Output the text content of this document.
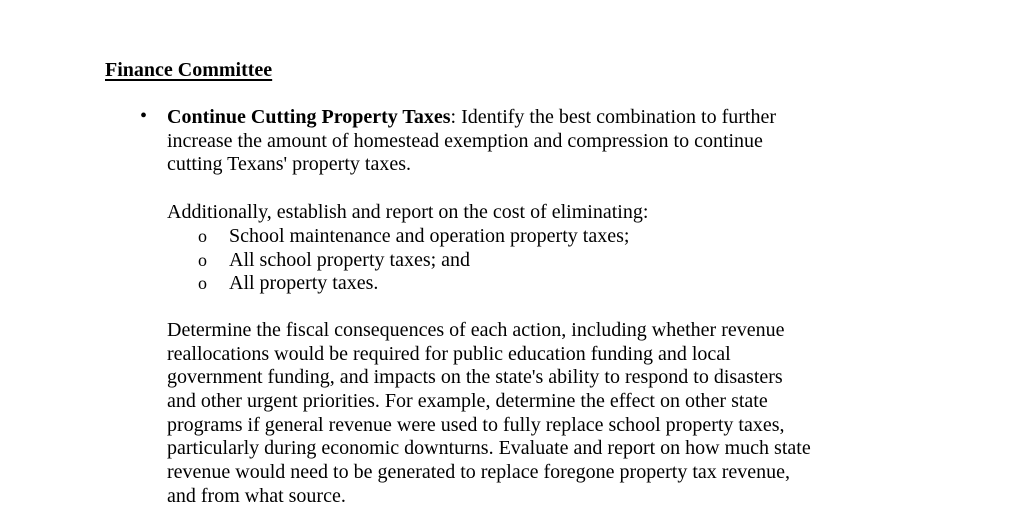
Finance Committee
• Continue Cutting Property Taxes: Identify the best combination to further
increase the amount of homestead exemption and compression to continue
cutting Texans' property taxes.
Additionally, establish and report on the cost of eliminating:
o School maintenance and operation property taxes;
o All school property taxes; and
o All property taxes.
Determine the fiscal consequences of each action, including whether revenue
reallocations would be required for public education funding and local
government funding, and impacts on the state's ability to respond to disasters
and other urgent priorities. For example, determine the effect on other state
programs if general revenue were used to fully replace school property taxes,
particularly during economic downturns. Evaluate and report on how much state
revenue would need to be generated to replace foregone property tax revenue,
and from what source.
